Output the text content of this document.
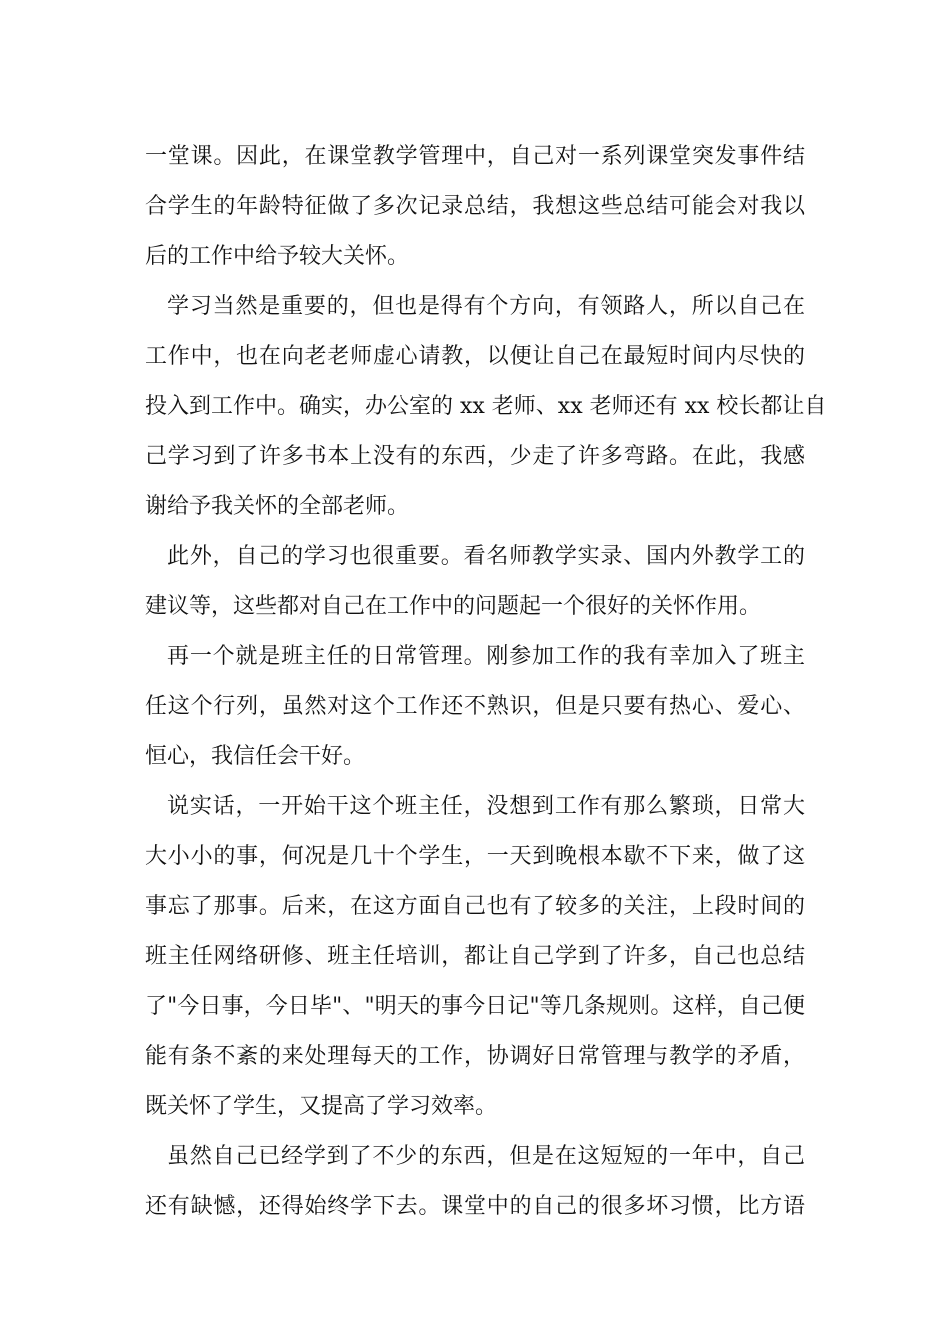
一堂课。因此，在课堂教学管理中，自己对一系列课堂突发事件结
合学生的年龄特征做了多次记录总结，我想这些总结可能会对我以
后的工作中给予较大关怀。
学习当然是重要的，但也是得有个方向，有领路人，所以自己在
工作中，也在向老老师虚心请教，以便让自己在最短时间内尽快的
投入到工作中。确实，办公室的 xx 老师、xx 老师还有 xx 校长都让自
己学习到了许多书本上没有的东西，少走了许多弯路。在此，我感
谢给予我关怀的全部老师。
此外，自己的学习也很重要。看名师教学实录、国内外教学工的
建议等，这些都对自己在工作中的问题起一个很好的关怀作用。
再一个就是班主任的日常管理。刚参加工作的我有幸加入了班主
任这个行列，虽然对这个工作还不熟识，但是只要有热心、爱心、
恒心，我信任会干好。
说实话，一开始干这个班主任，没想到工作有那么繁琐，日常大
大小小的事，何况是几十个学生，一天到晚根本歇不下来，做了这
事忘了那事。后来，在这方面自己也有了较多的关注，上段时间的
班主任网络研修、班主任培训，都让自己学到了许多，自己也总结
了"今日事，今日毕"、"明天的事今日记"等几条规则。这样，自己便
能有条不紊的来处理每天的工作，协调好日常管理与教学的矛盾，
既关怀了学生，又提高了学习效率。
虽然自己已经学到了不少的东西，但是在这短短的一年中，自己
还有缺憾，还得始终学下去。课堂中的自己的很多坏习惯，比方语
